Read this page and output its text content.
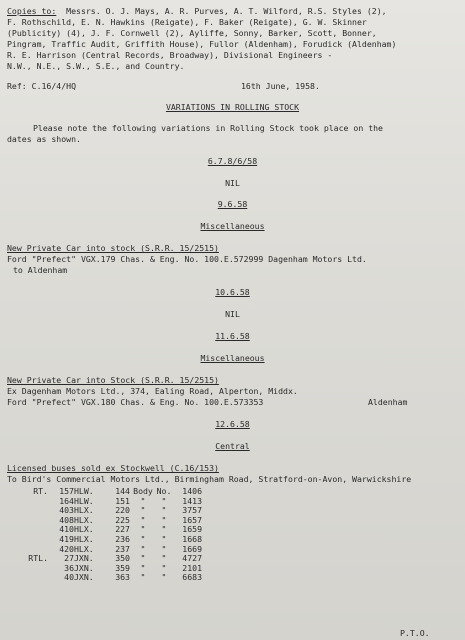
Copies to: Messrs. O. J. Mays, A. R. Purves, A. T. Wilford, R.S. Styles (2),
F. Rothschild, E. N. Hawkins (Reigate), F. Baker (Reigate), G. W. Skinner
(Publicity) (4), J. F. Cornwell (2), Ayliffe, Sonny, Barker, Scott, Bonner,
Pingram, Traffic Audit, Griffith House), Fullor (Aldenham), Forudick (Aldenham)
R. E. Harrison (Central Records, Broadway), Divisional Engineers -
N.W., N.E., S.W., S.E., and Country.
Ref: C.16/4/HQ	16th June, 1958.
VARIATIONS IN ROLLING STOCK
Please note the following variations in Rolling Stock took place on the
dates as shown.
6.7.8/6/58
NIL
9.6.58
Miscellaneous
New Private Car into stock (S.R.R. 15/2515)
Ford "Prefect" VGX.179 Chas. & Eng. No. 100.E.572999 Dagenham Motors Ltd.
to Aldenham
10.6.58
NIL
11.6.58
Miscellaneous
New Private Car into Stock (S.R.R. 15/2515)
Ex Dagenham Motors Ltd., 374, Ealing Road, Alperton, Middx.
Ford "Prefect" VGX.180 Chas. & Eng. No. 100.E.573353	Aldenham
12.6.58
Central
Licensed buses sold ex Stockwell (C.16/153)
To Bird's Commercial Motors Ltd., Birmingham Road, Stratford-on-Avon, Warwickshire
RT.	157	HLW.	144	Body	No.	1406
	164	HLW.	151	"	"	1413
	403	HLX.	220	"	"	3757
	408	HLX.	225	"	"	1657
	410	HLX.	227	"	"	1659
	419	HLX.	236	"	"	1668
	420	HLX.	237	"	"	1669
RTL.	27	JXN.	350	"	"	4727
	36	JXN.	359	"	"	2101
	40	JXN.	363	"	"	6683
P.T.O.
